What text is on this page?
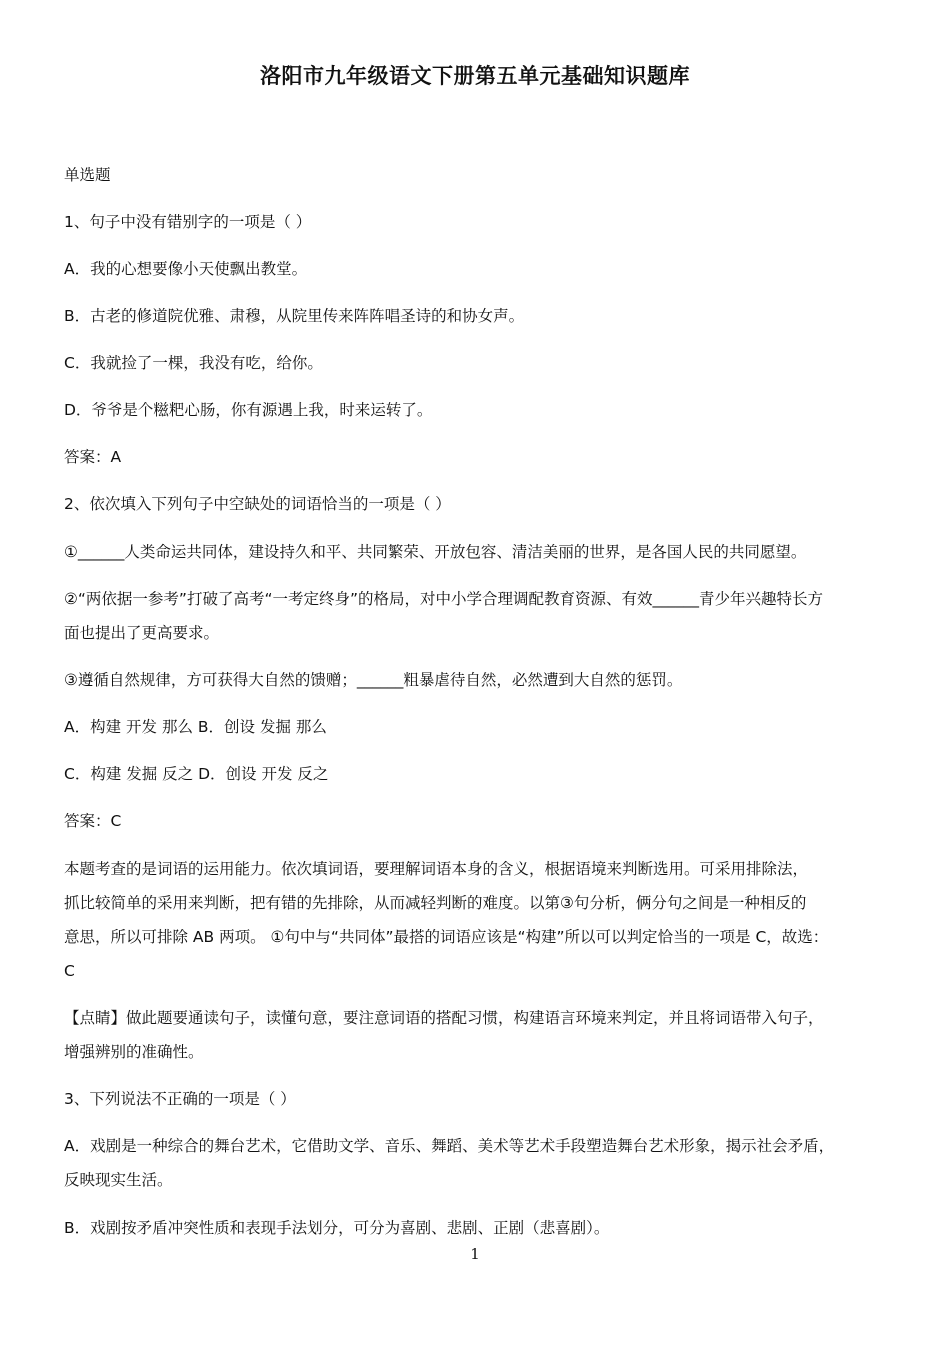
洛阳市九年级语文下册第五单元基础知识题库
单选题
1、句子中没有错别字的一项是（ ）
A．我的心想要像小天使飘出教堂。
B．古老的修道院优雅、肃穆，从院里传来阵阵唱圣诗的和协女声。
C．我就捡了一棵，我没有吃，给你。
D．爷爷是个糍粑心肠，你有源遇上我，时来运转了。
答案：A
2、依次填入下列句子中空缺处的词语恰当的一项是（ ）
①______人类命运共同体，建设持久和平、共同繁荣、开放包容、清洁美丽的世界，是各国人民的共同愿望。
②“两依据一参考”打破了高考“一考定终身”的格局，对中小学合理调配教育资源、有效______青少年兴趣特长方
面也提出了更高要求。
③遵循自然规律，方可获得大自然的馈赠；______粗暴虐待自然，必然遭到大自然的惩罚。
A．构建 开发 那么 B．创设 发掘 那么
C．构建 发掘 反之 D．创设 开发 反之
答案：C
本题考查的是词语的运用能力。依次填词语，要理解词语本身的含义，根据语境来判断选用。可采用排除法，
抓比较简单的采用来判断，把有错的先排除，从而减轻判断的难度。以第③句分析，俩分句之间是一种相反的
意思，所以可排除 AB 两项。 ①句中与“共同体”最搭的词语应该是“构建”所以可以判定恰当的一项是 C，故选：
C
【点睛】做此题要通读句子，读懂句意，要注意词语的搭配习惯，构建语言环境来判定，并且将词语带入句子，
增强辨别的准确性。
3、下列说法不正确的一项是（ ）
A．戏剧是一种综合的舞台艺术，它借助文学、音乐、舞蹈、美术等艺术手段塑造舞台艺术形象，揭示社会矛盾，
反映现实生活。
B．戏剧按矛盾冲突性质和表现手法划分，可分为喜剧、悲剧、正剧（悲喜剧）。
1
